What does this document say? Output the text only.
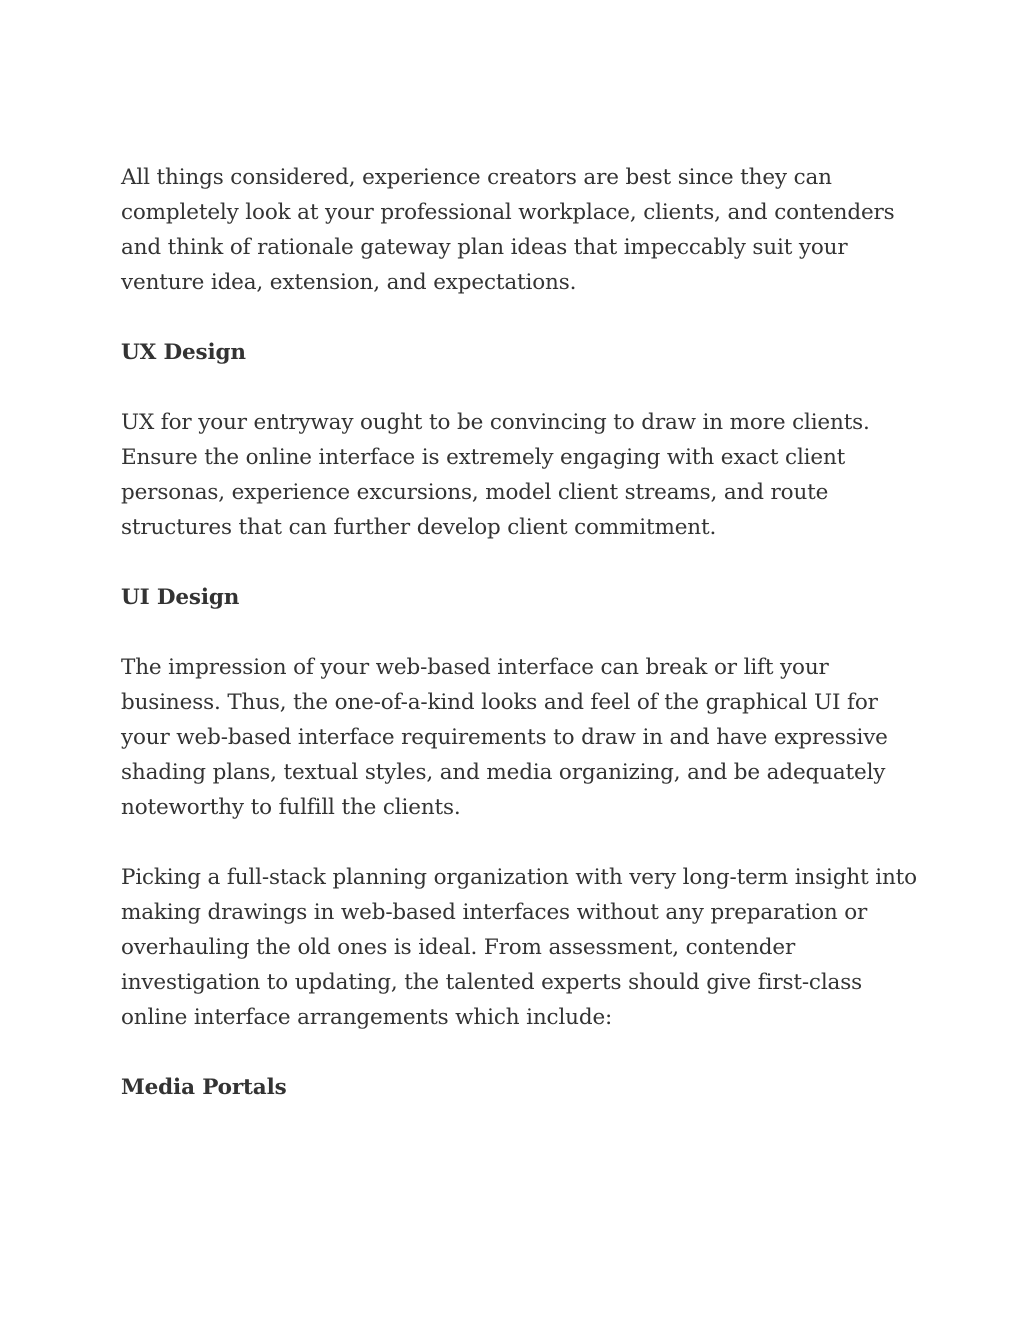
All things considered, experience creators are best since they can completely look at your professional workplace, clients, and contenders and think of rationale gateway plan ideas that impeccably suit your venture idea, extension, and expectations.

UX Design

UX for your entryway ought to be convincing to draw in more clients. Ensure the online interface is extremely engaging with exact client personas, experience excursions, model client streams, and route structures that can further develop client commitment.

UI Design

The impression of your web-based interface can break or lift your business. Thus, the one-of-a-kind looks and feel of the graphical UI for your web-based interface requirements to draw in and have expressive shading plans, textual styles, and media organizing, and be adequately noteworthy to fulfill the clients.

Picking a full-stack planning organization with very long-term insight into making drawings in web-based interfaces without any preparation or overhauling the old ones is ideal. From assessment, contender investigation to updating, the talented experts should give first-class online interface arrangements which include:

Media Portals
